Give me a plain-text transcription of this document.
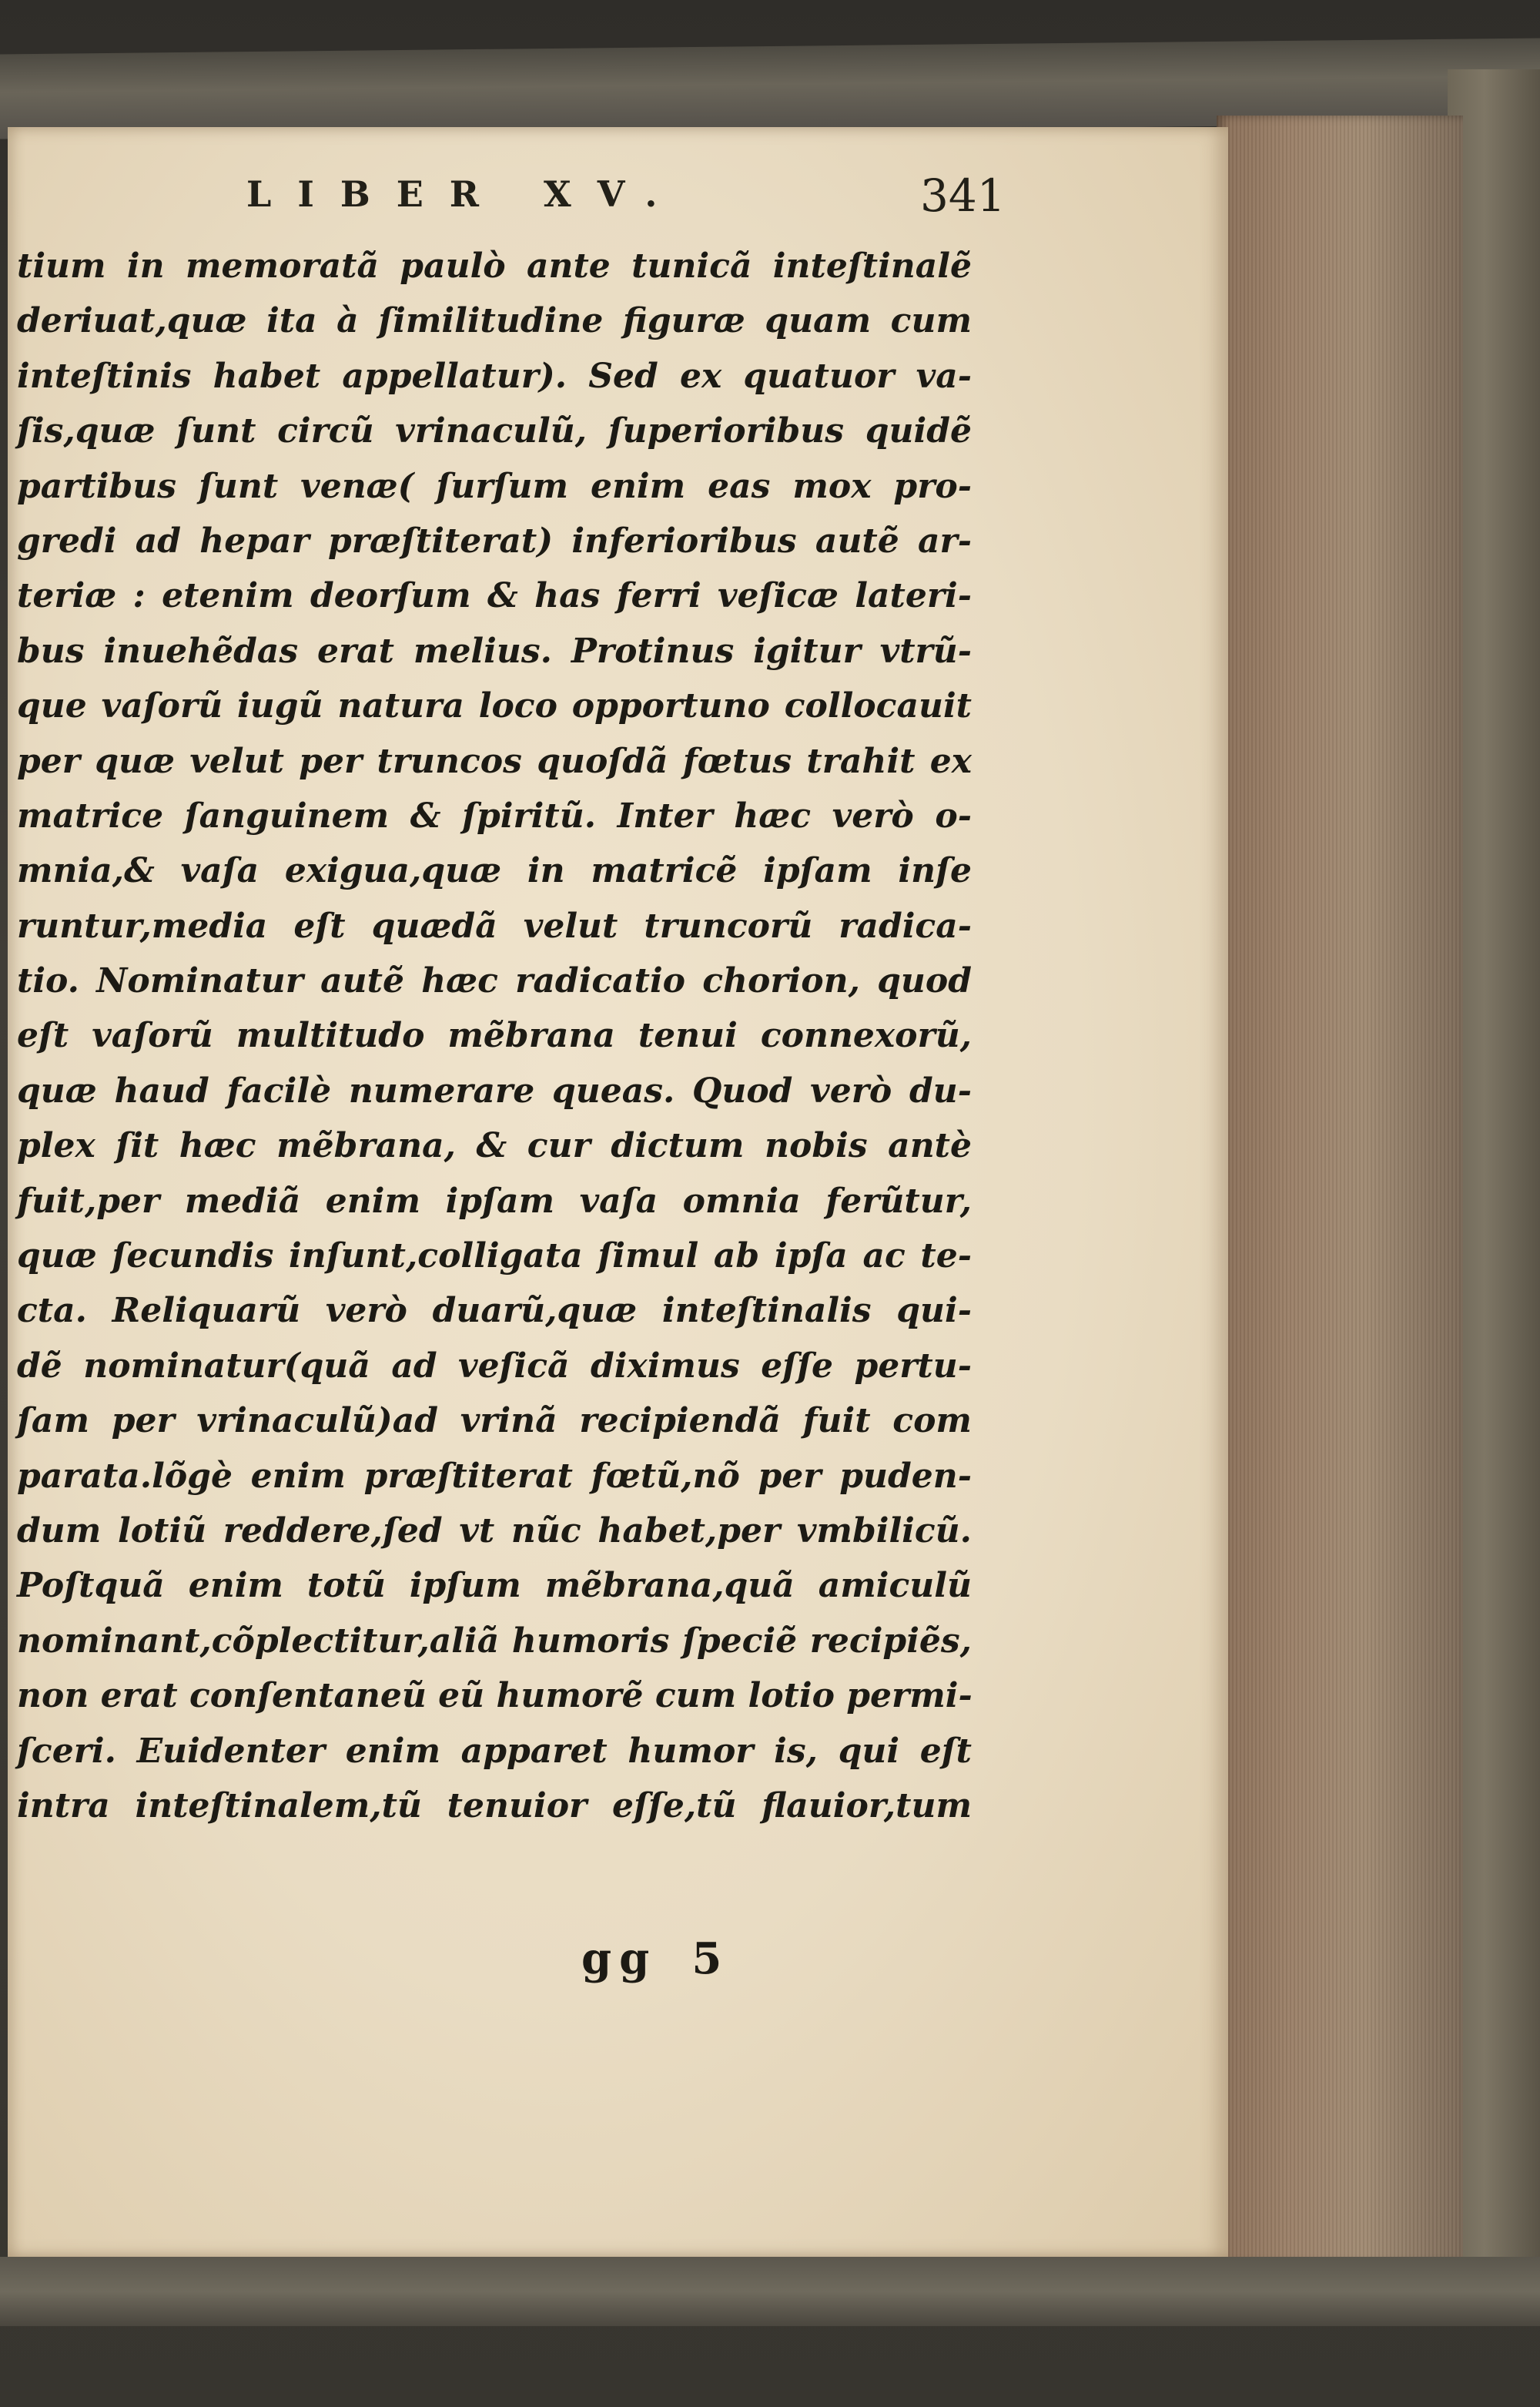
LIBER XV.	341
tium in memoratã paulò ante tunicã inteſtinalẽ
deriuat,quæ ita à ſimilitudine figuræ quam cum
inteſtinis habet appellatur). Sed ex quatuor va-
ſis,quæ ſunt circũ vrinaculũ, ſuperioribus quidẽ
partibus ſunt venæ( ſurſum enim eas mox pro-
gredi ad hepar præſtiterat) inferioribus autẽ ar-
teriæ : etenim deorſum & has ferri veſicæ lateri-
bus inuehẽdas erat melius. Protinus igitur vtrũ-
que vaſorũ iugũ natura loco opportuno collocauit
per quæ velut per truncos quoſdã fœtus trahit ex
matrice ſanguinem & ſpiritũ. Inter hæc verò o-
mnia,& vaſa exigua,quæ in matricẽ ipſam inſe
runtur,media eſt quædã velut truncorũ radica-
tio. Nominatur autẽ hæc radicatio chorion, quod
eſt vaſorũ multitudo mẽbrana tenui connexorũ,
quæ haud facilè numerare queas. Quod verò du-
plex ſit hæc mẽbrana, & cur dictum nobis antè
fuit,per mediã enim ipſam vaſa omnia ferũtur,
quæ ſecundis inſunt,colligata ſimul ab ipſa ac te-
cta. Reliquarũ verò duarũ,quæ inteſtinalis qui-
dẽ nominatur(quã ad veſicã diximus eſſe pertu-
ſam per vrinaculũ)ad vrinã recipiendã fuit com
parata.lõgè enim præſtiterat fœtũ,nõ per puden-
dum lotiũ reddere,ſed vt nũc habet,per vmbilicũ.
Poſtquã enim totũ ipſum mẽbrana,quã amiculũ
nominant,cõplectitur,aliã humoris ſpeciẽ recipiẽs,
non erat conſentaneũ eũ humorẽ cum lotio permi-
ſceri. Euidenter enim apparet humor is, qui eſt
intra inteſtinalem,tũ tenuior eſſe,tũ flauior,tum
gg 5
